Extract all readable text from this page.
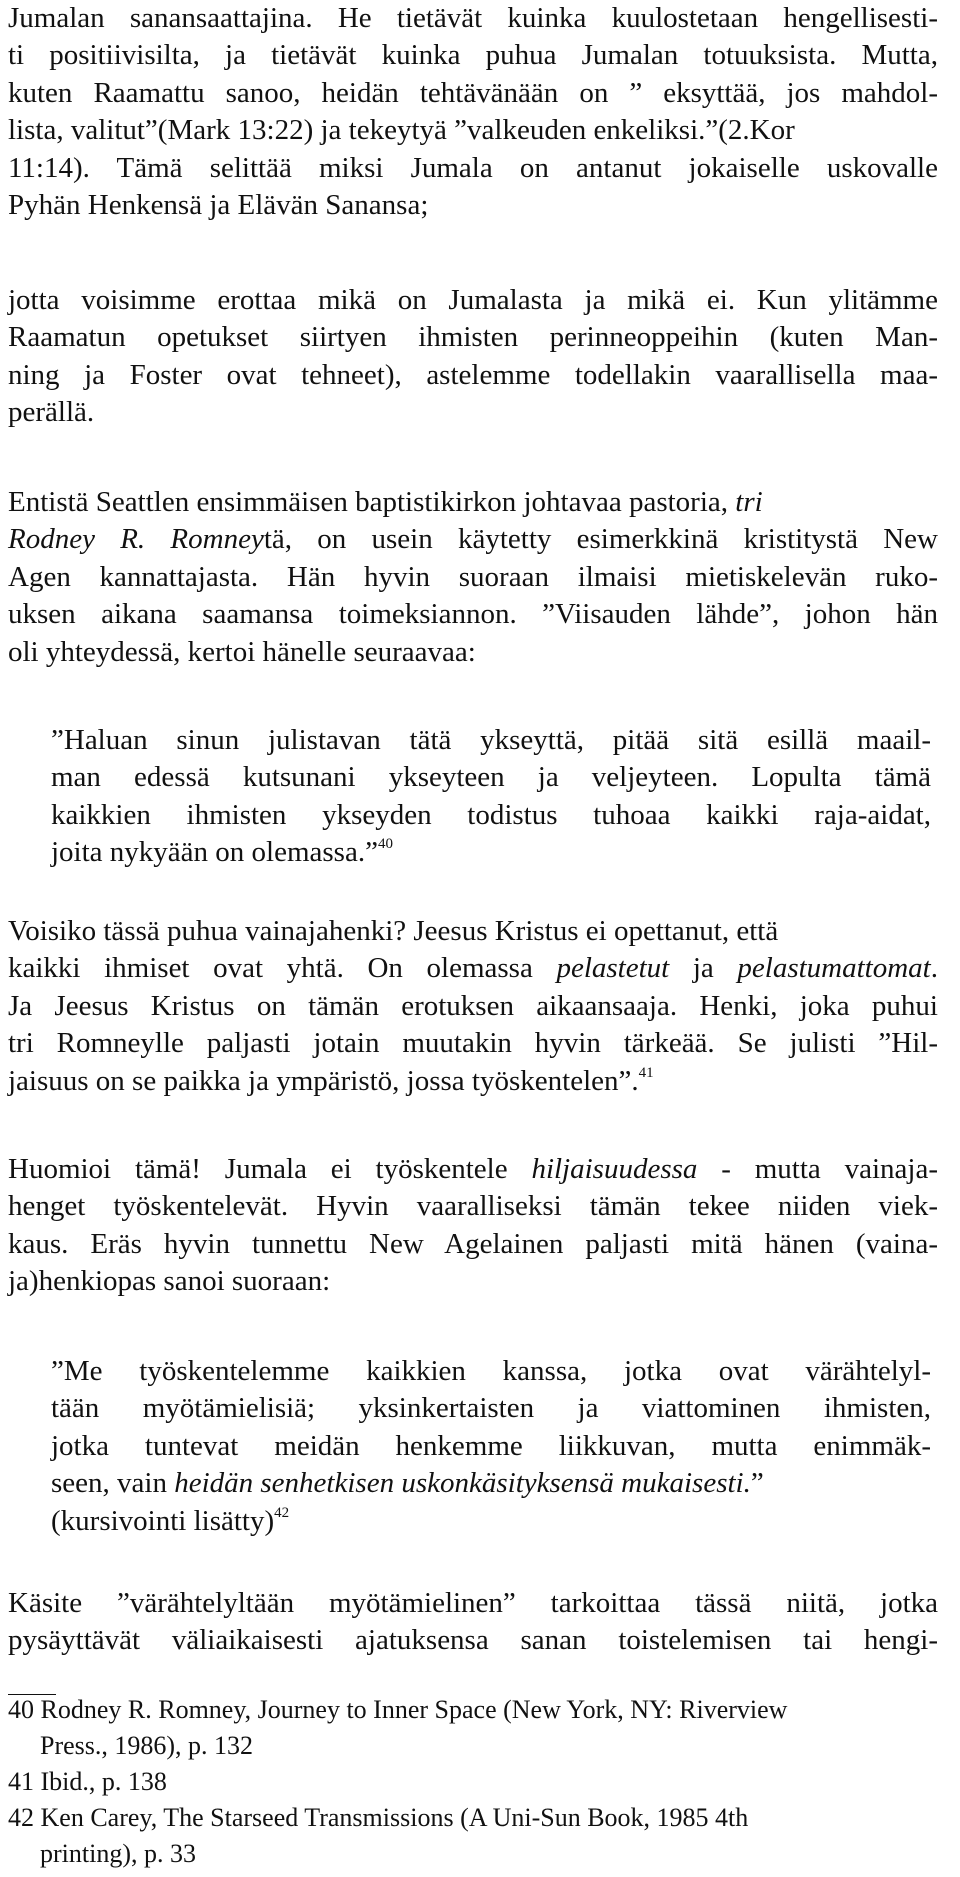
Jumalan sanansaattajina. He tietävät kuinka kuulostetaan hengellisesti-
ti positiivisilta, ja tietävät kuinka puhua Jumalan totuuksista. Mutta,
kuten Raamattu sanoo, heidän tehtävänään on ” eksyttää, jos mahdol-
lista, valitut”(Mark 13:22) ja tekeytyä ”valkeuden enkeliksi.”(2.Kor
11:14). Tämä selittää miksi Jumala on antanut jokaiselle uskovalle
Pyhän Henkensä ja Elävän Sanansa;
jotta voisimme erottaa mikä on Jumalasta ja mikä ei. Kun ylitämme
Raamatun opetukset siirtyen ihmisten perinneoppeihin (kuten Man-
ning ja Foster ovat tehneet), astelemme todellakin vaarallisella maa-
perällä.
Entistä Seattlen ensimmäisen baptistikirkon johtavaa pastoria, tri
Rodney R. Romneytä, on usein käytetty esimerkkinä kristitystä New
Agen kannattajasta. Hän hyvin suoraan ilmaisi mietiskelevän ruko-
uksen aikana saamansa toimeksiannon. ”Viisauden lähde”, johon hän
oli yhteydessä, kertoi hänelle seuraavaa:
”Haluan sinun julistavan tätä ykseyttä, pitää sitä esillä maail-
man edessä kutsunani ykseyteen ja veljeyteen. Lopulta tämä
kaikkien ihmisten ykseyden todistus tuhoaa kaikki raja-aidat,
joita nykyään on olemassa.”$^{40}$
Voisiko tässä puhua vainajahenki? Jeesus Kristus ei opettanut, että
kaikki ihmiset ovat yhtä. On olemassa pelastetut ja pelastumattomat.
Ja Jeesus Kristus on tämän erotuksen aikaansaaja. Henki, joka puhui
tri Romneylle paljasti jotain muutakin hyvin tärkeää. Se julisti ”Hil-
jaisuus on se paikka ja ympäristö, jossa työskentelen”.$^{41}$
Huomioi tämä! Jumala ei työskentele hiljaisuudessa - mutta vainaja-
henget työskentelevät. Hyvin vaaralliseksi tämän tekee niiden viek-
kaus. Eräs hyvin tunnettu New Agelainen paljasti mitä hänen (vaina-
ja)henkiopas sanoi suoraan:
”Me työskentelemme kaikkien kanssa, jotka ovat värähtelyl-
tään myötämielisiä; yksinkertaisten ja viattominen ihmisten,
jotka tuntevat meidän henkemme liikkuvan, mutta enimmäk-
seen, vain heidän senhetkisen uskonkäsityksensä mukaisesti.”
(kursivointi lisätty)$^{42}$
Käsite ”värähtelyltään myötämielinen” tarkoittaa tässä niitä, jotka
pysäyttävät väliaikaisesti ajatuksensa sanan toistelemisen tai hengi-
40 Rodney R. Romney, Journey to Inner Space (New York, NY: Riverview
Press., 1986), p. 132
41 Ibid., p. 138
42 Ken Carey, The Starseed Transmissions (A Uni-Sun Book, 1985 4th
printing), p. 33
